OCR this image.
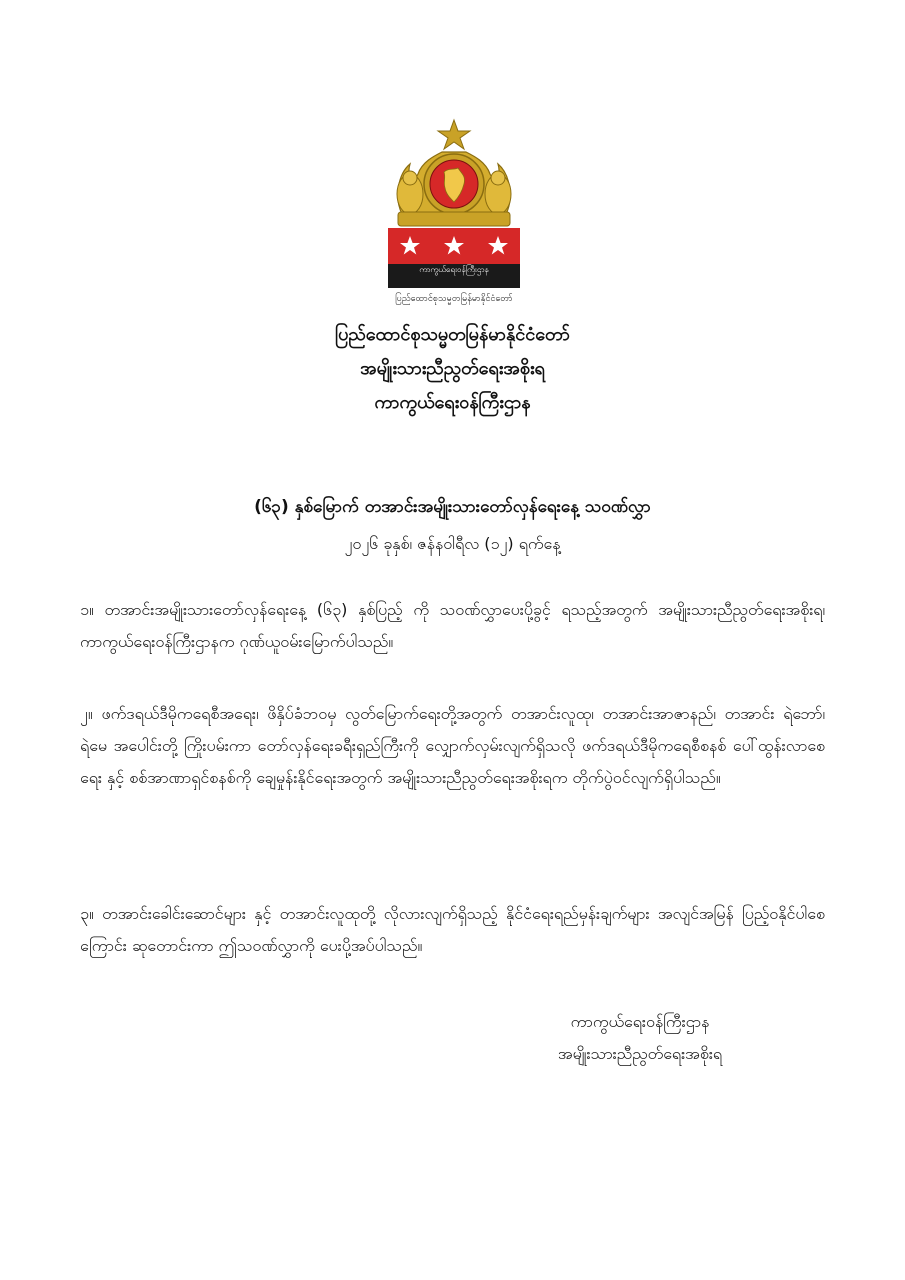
ကာကွယ်ရေးဝန်ကြီးဌာန
ပြည်ထောင်စုသမ္မတမြန်မာနိုင်ငံတော်
ပြည်ထောင်စုသမ္မတမြန်မာနိုင်ငံတော်
အမျိုးသားညီညွတ်ရေးအစိုးရ
ကာကွယ်ရေးဝန်ကြီးဌာန
(၆၃) နှစ်မြောက် တအာင်းအမျိုးသားတော်လှန်ရေးနေ့ သဝဏ်လွှာ
၂၀၂၆ ခုနှစ်၊ ဇန်နဝါရီလ (၁၂) ရက်နေ့

၁။ တအာင်းအမျိုးသားတော်လှန်ရေးနေ့ (၆၃) နှစ်ပြည့် ကို သဝဏ်လွှာပေးပို့ခွင့် ရသည့်အတွက် အမျိုးသားညီညွတ်ရေးအစိုးရ၊ ကာကွယ်ရေးဝန်ကြီးဌာနက ဂုဏ်ယူဝမ်းမြောက်ပါသည်။

၂။ ဖက်ဒရယ်ဒီမိုကရေစီအရေး၊ ဖိနှိပ်ခံဘဝမှ လွတ်မြောက်ရေးတို့အတွက် တအာင်းလူထု၊ တအာင်းအာဇာနည်၊ တအာင်း ရဲဘော်၊ ရဲမေ အပေါင်းတို့ ကြိုးပမ်းကာ တော်လှန်ရေးခရီးရှည်ကြီးကို လျှောက်လှမ်းလျက်ရှိသလို ဖက်ဒရယ်ဒီမိုကရေစီစနစ် ပေါ်ထွန်းလာစေရေး နှင့် စစ်အာဏာရှင်စနစ်ကို ချေမှုန်းနိုင်ရေးအတွက် အမျိုးသားညီညွတ်ရေးအစိုးရက တိုက်ပွဲဝင်လျက်ရှိပါသည်။

၃။ တအာင်းခေါင်းဆောင်များ နှင့် တအာင်းလူထုတို့ လိုလားလျက်ရှိသည့် နိုင်ငံရေးရည်မှန်းချက်များ အလျင်အမြန် ပြည့်ဝနိုင်ပါစေကြောင်း ဆုတောင်းကာ ဤသဝဏ်လွှာကို ပေးပို့အပ်ပါသည်။

ကာကွယ်ရေးဝန်ကြီးဌာန
အမျိုးသားညီညွတ်ရေးအစိုးရ
